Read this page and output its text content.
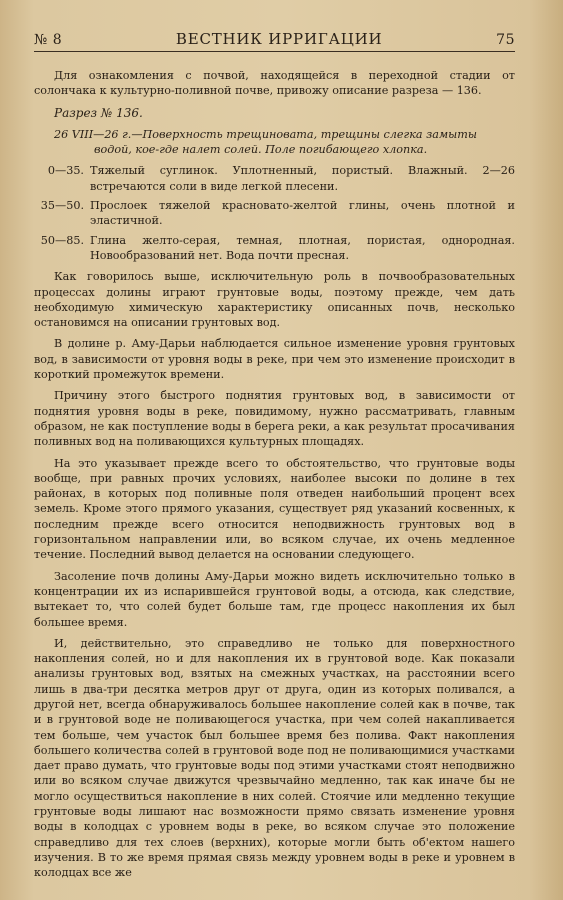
№ 8	ВЕСТНИК ИРРИГАЦИИ	75

Для ознакомления с почвой, находящейся в переходной стадии от солончака к культурно-поливной почве, привожу описание разреза — 136.

Разрез № 136.

26 VIII—26 г.—Поверхность трещиновата, трещины слегка замыты
водой, кое-где налет солей. Поле погибающего хлопка.

0—35. Тяжелый суглинок. Уплотненный, пористый. Влажный. 2—26 встречаются соли в виде легкой плесени.
35—50. Прослоек тяжелой красновато-желтой глины, очень плотной и эластичной.
50—85. Глина желто-серая, темная, плотная, пористая, однородная. Новообразований нет. Вода почти пресная.

Как говорилось выше, исключительную роль в почвообразовательных процессах долины играют грунтовые воды, поэтому прежде, чем дать необходимую химическую характеристику описанных почв, несколько остановимся на описании грунтовых вод.

В долине р. Аму-Дарьи наблюдается сильное изменение уровня грунтовых вод, в зависимости от уровня воды в реке, при чем это изменение происходит в короткий промежуток времени.

Причину этого быстрого поднятия грунтовых вод, в зависимости от поднятия уровня воды в реке, повидимому, нужно рассматривать, главным образом, не как поступление воды в берега реки, а как результат просачивания поливных вод на поливающихся культурных площадях.

На это указывает прежде всего то обстоятельство, что грунтовые воды вообще, при равных прочих условиях, наиболее высоки по долине в тех районах, в которых под поливные поля отведен наибольший процент всех земель. Кроме этого прямого указания, существует ряд указаний косвенных, к последним прежде всего относится неподвижность грунтовых вод в горизонтальном направлении или, во всяком случае, их очень медленное течение. Последний вывод делается на основании следующего.

Засоление почв долины Аму-Дарьи можно видеть исключительно только в концентрации их из испарившейся грунтовой воды, а отсюда, как следствие, вытекает то, что солей будет больше там, где процесс накопления их был большее время.

И, действительно, это справедливо не только для поверхностного накопления солей, но и для накопления их в грунтовой воде. Как показали анализы грунтовых вод, взятых на смежных участках, на расстоянии всего лишь в два-три десятка метров друг от друга, один из которых поливался, а другой нет, всегда обнаруживалось большее накопление солей как в почве, так и в грунтовой воде не поливающегося участка, при чем солей накапливается тем больше, чем участок был большее время без полива. Факт накопления большего количества солей в грунтовой воде под не поливающимися участками дает право думать, что грунтовые воды под этими участками стоят неподвижно или во всяком случае движутся чрезвычайно медленно, так как иначе бы не могло осуществиться накопление в них солей. Стоячие или медленно текущие грунтовые воды лишают нас возможности прямо связать изменение уровня воды в колодцах с уровнем воды в реке, во всяком случае это положение справедливо для тех слоев (верхних), которые могли быть об'ектом нашего изучения. В то же время прямая связь между уровнем воды в реке и уровнем в колодцах все же
